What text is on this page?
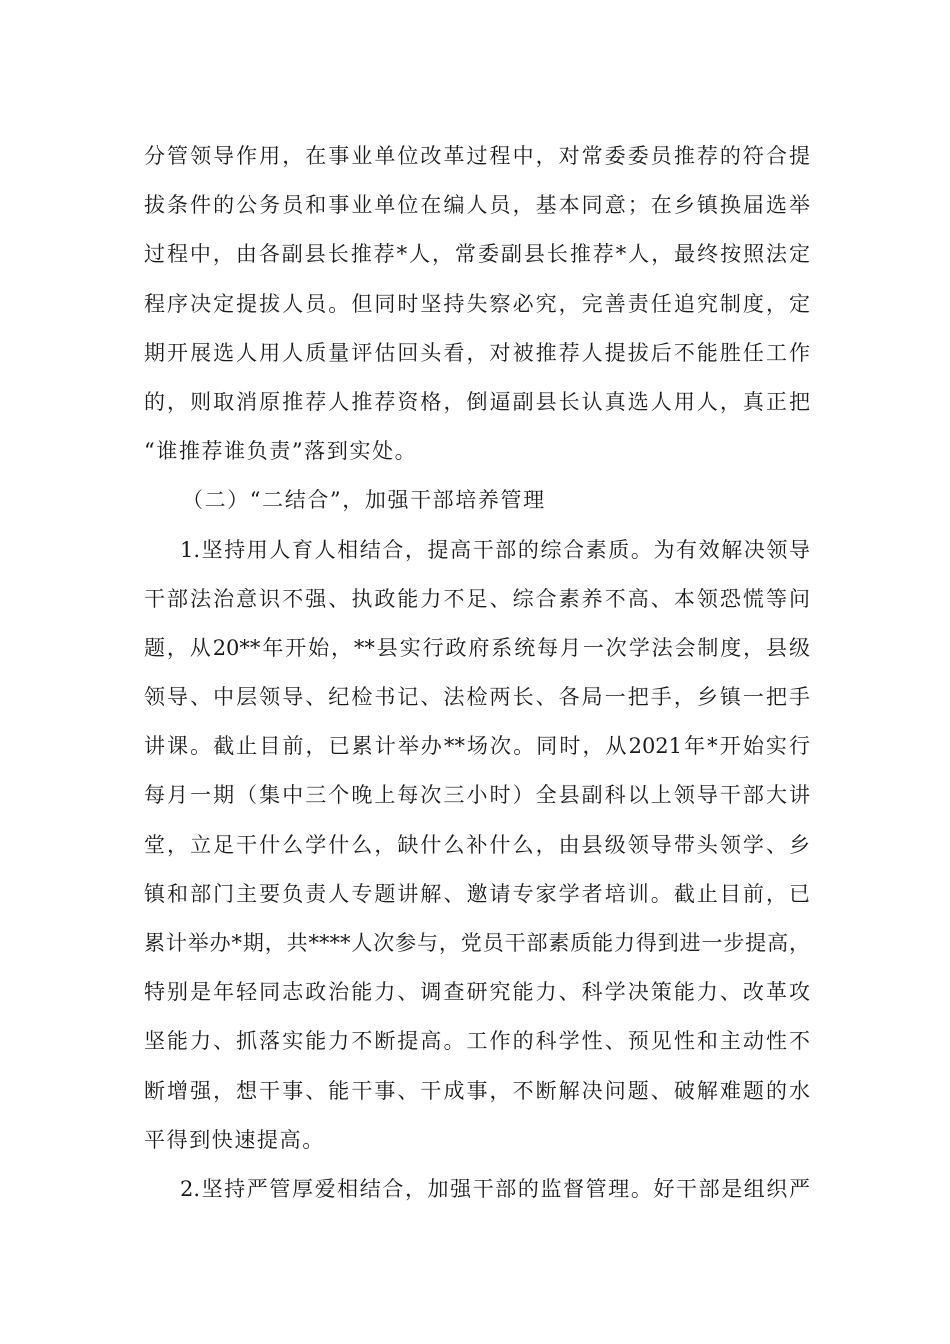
分管领导作用，在事业单位改革过程中，对常委委员推荐的符合提
拔条件的公务员和事业单位在编人员，基本同意；在乡镇换届选举
过程中，由各副县长推荐*人，常委副县长推荐*人，最终按照法定
程序决定提拔人员。但同时坚持失察必究，完善责任追究制度，定
期开展选人用人质量评估回头看，对被推荐人提拔后不能胜任工作
的，则取消原推荐人推荐资格，倒逼副县长认真选人用人，真正把
“谁推荐谁负责”落到实处。
（二）“二结合”，加强干部培养管理
1.坚持用人育人相结合，提高干部的综合素质。为有效解决领导
干部法治意识不强、执政能力不足、综合素养不高、本领恐慌等问
题，从20**年开始，**县实行政府系统每月一次学法会制度，县级
领导、中层领导、纪检书记、法检两长、各局一把手，乡镇一把手
讲课。截止目前，已累计举办**场次。同时，从2021年*开始实行
每月一期（集中三个晚上每次三小时）全县副科以上领导干部大讲
堂，立足干什么学什么，缺什么补什么，由县级领导带头领学、乡
镇和部门主要负责人专题讲解、邀请专家学者培训。截止目前，已
累计举办*期，共****人次参与，党员干部素质能力得到进一步提高，
特别是年轻同志政治能力、调查研究能力、科学决策能力、改革攻
坚能力、抓落实能力不断提高。工作的科学性、预见性和主动性不
断增强，想干事、能干事、干成事，不断解决问题、破解难题的水
平得到快速提高。
2.坚持严管厚爱相结合，加强干部的监督管理。好干部是组织严
